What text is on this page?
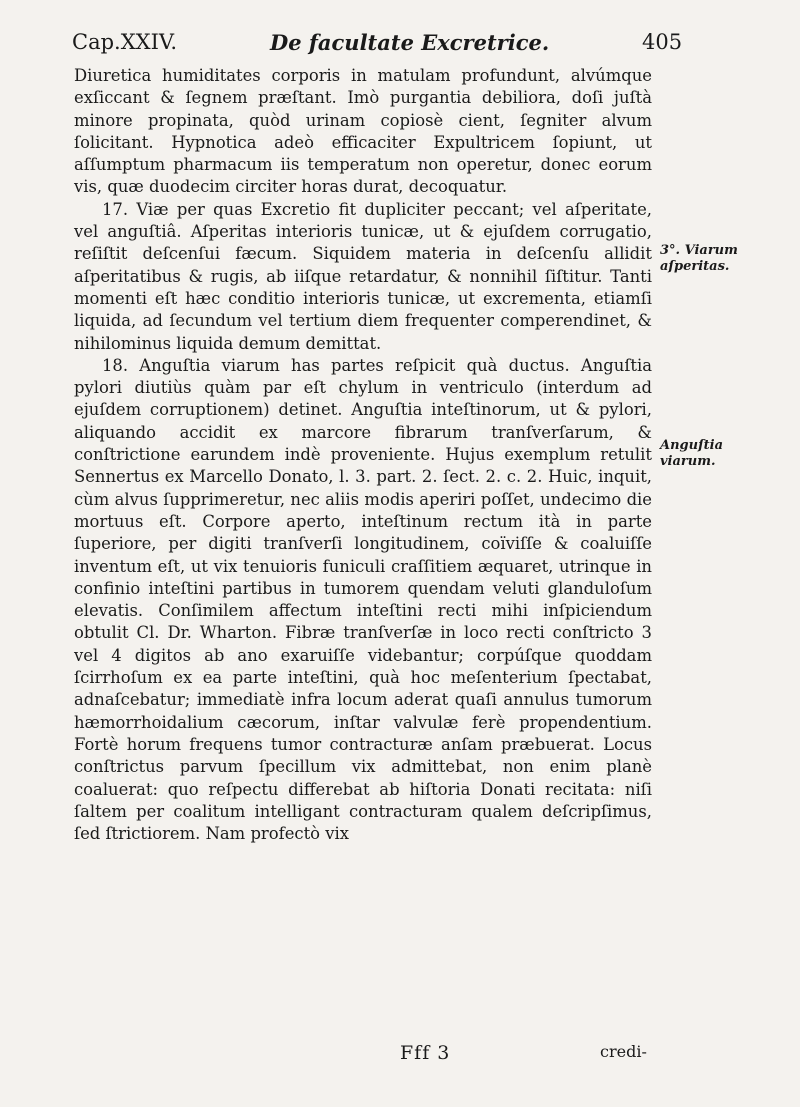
Cap.XXIV.	De facultate Excretrice.	405

Diuretica humiditates corporis in matulam profundunt, alvúmque exſiccant & ſegnem præſtant. Imò purgantia debiliora, doſi juſtà minore propinata, quòd urinam copiosè cient, ſegniter alvum ſolicitant. Hypnotica adeò efficaciter Expultricem ſopiunt, ut aſſumptum pharmacum iis temperatum non operetur, donec eorum vis, quæ duodecim circiter horas durat, decoquatur.

17. Viæ per quas Excretio fit dupliciter peccant; vel aſperitate, vel anguſtiâ. Aſperitas interioris tunicæ, ut & ejuſdem corrugatio, reſiſtit deſcenſui fæcum. Siquidem materia in deſcenſu allidit aſperitatibus & rugis, ab iiſque retardatur, & nonnihil ſiſtitur. Tanti momenti eſt hæc conditio interioris tunicæ, ut excrementa, etiamſi liquida, ad ſecundum vel tertium diem frequenter comperendinet, & nihilominus liquida demum demittat.

18. Anguſtia viarum has partes reſpicit quà ductus. Anguſtia pylori diutiùs quàm par eſt chylum in ventriculo (interdum ad ejuſdem corruptionem) detinet. Anguſtia inteſtinorum, ut & pylori, aliquando accidit ex marcore fibrarum tranſverſarum, & conſtrictione earundem indè provenientе. Hujus exemplum retulit Sennertus ex Marcello Donato, l. 3. part. 2. ſect. 2. c. 2. Huic, inquit, cùm alvus ſupprimeretur, nec aliis modis aperiri poſſet, undecimo die mortuus eſt. Corpore aperto, inteſtinum rectum ità in parte ſuperiore, per digiti tranſverſi longitudinem, coïviſſe & coaluiſſe inventum eſt, ut vix tenuioris funiculi craſſitiem æquaret, utrinque in confinio inteſtini partibus in tumorem quendam veluti glanduloſum elevatis. Conſimilem affectum inteſtini recti mihi inſpiciendum obtulit Cl. Dr. Wharton. Fibræ tranſverſæ in loco recti conſtricto 3 vel 4 digitos ab ano exaruiſſe videbantur; corpúſque quoddam ſcirrhoſum ex ea parte inteſtini, quà hoc meſenterium ſpectabat, adnaſcebatur; immediatè infra locum aderat quaſi annulus tumorum hæmorrhoidalium cæcorum, inſtar valvulæ ferè propendentium. Fortè horum frequens tumor contracturæ anſam præbuerat. Locus conſtrictus parvum ſpecillum vix admittebat, non enim planè coaluerat: quo reſpectu differebat ab hiſtoria Donati recitata: niſi ſaltem per coalitum intelligant contracturam qualem deſcripſimus, ſed ſtrictiorem. Nam profectò vix

3°. Viarum aſperitas.
Anguſtia viarum.
Fff 3	credi-
